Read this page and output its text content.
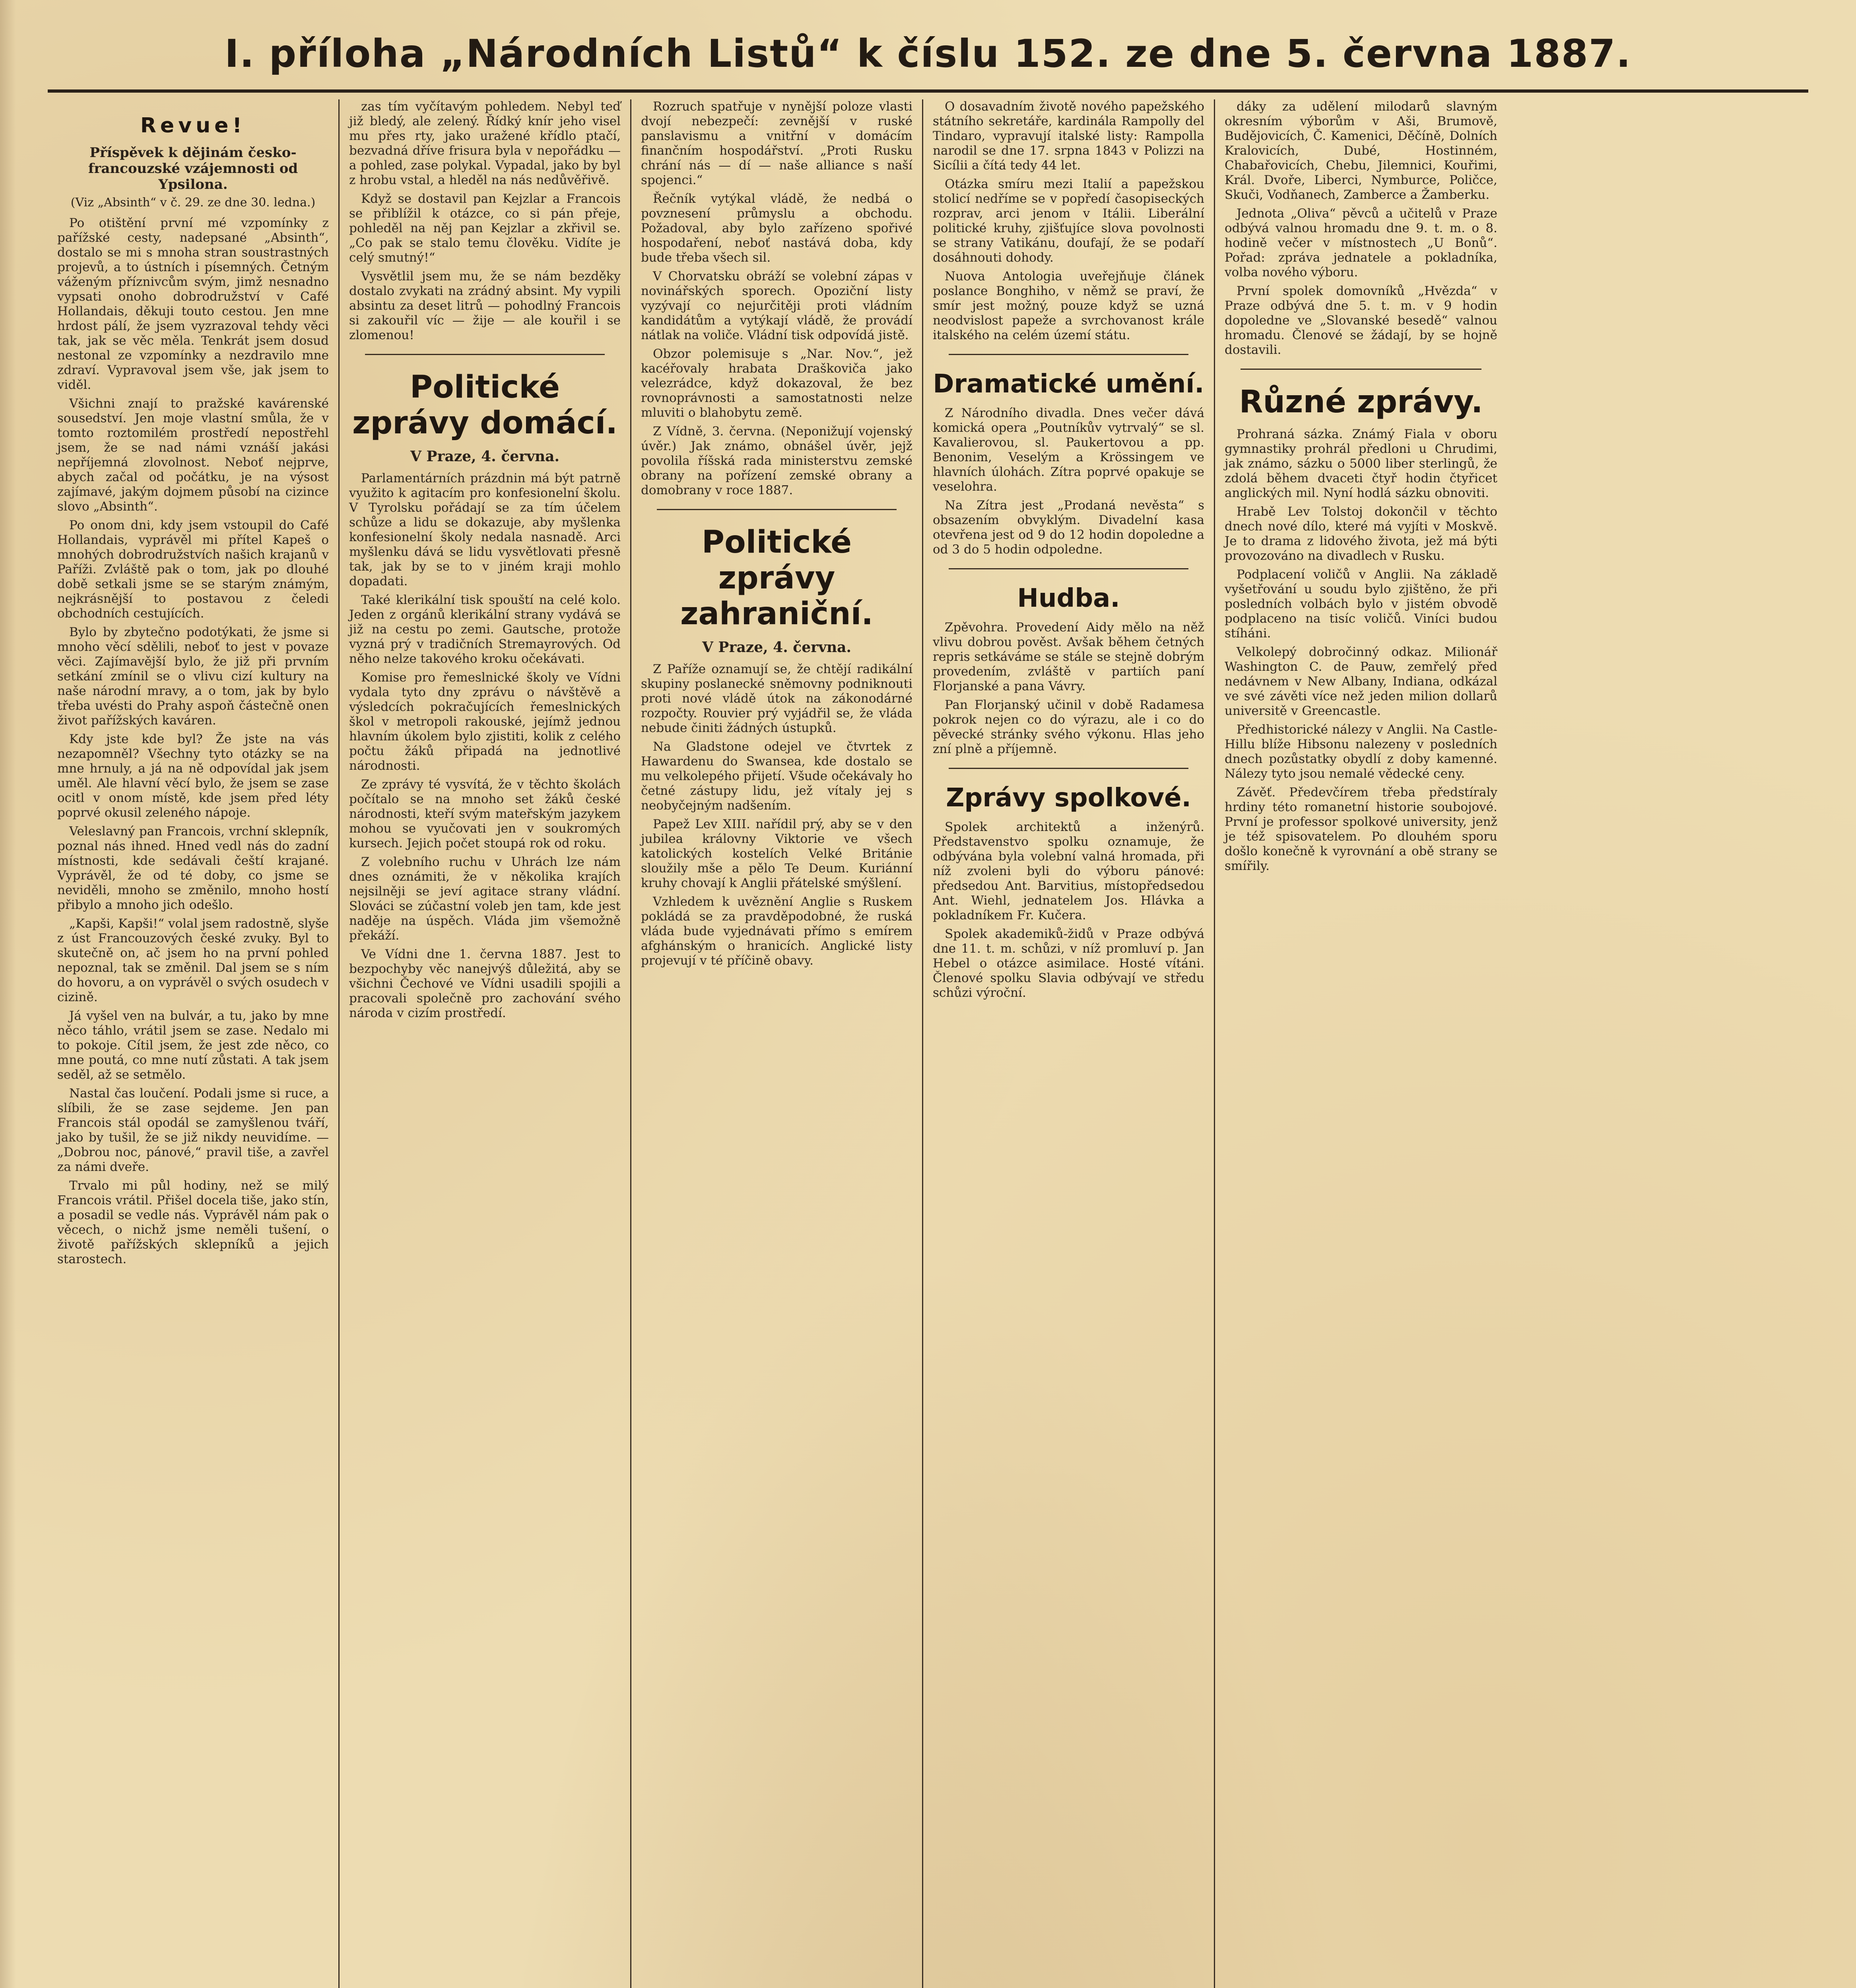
I. příloha „Národních Listů“ k číslu 152. ze dne 5. června 1887.
Revue!
Příspěvek k dějinám česko-francouzské vzájemnosti od Ypsilona.
(Viz „Absinth“ v č. 29. ze dne 30. ledna.)
Po otištění první mé vzpomínky z pařížské cesty, nadepsané „Absinth“, dostalo se mi s mnoha stran soustrastných projevů, a to ústních i písemných. Četným váženým příznivcům svým, jimž nesnadno vypsati onoho dobrodružství v Café Hollandais, děkuji touto cestou. Jen mne hrdost pálí, že jsem vyzrazoval tehdy věci tak, jak se věc měla. Tenkrát jsem dosud nestonal ze vzpomínky a nezdravilo mne zdraví. Vypravoval jsem vše, jak jsem to viděl.
Všichni znají to pražské kavárenské sousedství. Jen moje vlastní smůla, že v tomto roztomilém prostředí nepostřehl jsem, že se nad námi vznáší jakási nepříjemná zlovolnost. Neboť nejprve, abych začal od počátku, je na výsost zajímavé, jakým dojmem působí na cizince slovo „Absinth“.
Po onom dni, kdy jsem vstoupil do Café Hollandais, vyprávěl mi přítel Kapeš o mnohých dobrodružstvích našich krajanů v Paříži. Zvláště pak o tom, jak po dlouhé době setkali jsme se se starým známým, nejkrásnější to postavou z čeledi obchodních cestujících.
Bylo by zbytečno podotýkati, že jsme si mnoho věcí sdělili, neboť to jest v povaze věci. Zajímavější bylo, že již při prvním setkání zmínil se o vlivu cizí kultury na naše národní mravy, a o tom, jak by bylo třeba uvésti do Prahy aspoň částečně onen život pařížských kaváren.
Kdy jste kde byl? Že jste na vás nezapomněl? Všechny tyto otázky se na mne hrnuly, a já na ně odpovídal jak jsem uměl. Ale hlavní věcí bylo, že jsem se zase ocitl v onom místě, kde jsem před léty poprvé okusil zeleného nápoje.
Veleslavný pan Francois, vrchní sklepník, poznal nás ihned. Hned vedl nás do zadní místnosti, kde sedávali čeští krajané. Vyprávěl, že od té doby, co jsme se neviděli, mnoho se změnilo, mnoho hostí přibylo a mnoho jich odešlo.
„Kapši, Kapši!“ volal jsem radostně, slyše z úst Francouzových české zvuky. Byl to skutečně on, ač jsem ho na první pohled nepoznal, tak se změnil. Dal jsem se s ním do hovoru, a on vyprávěl o svých osudech v cizině.
Já vyšel ven na bulvár, a tu, jako by mne něco táhlo, vrátil jsem se zase. Nedalo mi to pokoje. Cítil jsem, že jest zde něco, co mne poutá, co mne nutí zůstati. A tak jsem seděl, až se setmělo.
Nastal čas loučení. Podali jsme si ruce, a slíbili, že se zase sejdeme. Jen pan Francois stál opodál se zamyšlenou tváří, jako by tušil, že se již nikdy neuvidíme. — „Dobrou noc, pánové,“ pravil tiše, a zavřel za námi dveře.
Trvalo mi půl hodiny, než se milý Francois vrátil. Přišel docela tiše, jako stín, a posadil se vedle nás. Vyprávěl nám pak o věcech, o nichž jsme neměli tušení, o životě pařížských sklepníků a jejich starostech.
zas tím vyčítavým pohledem. Nebyl teď již bledý, ale zelený. Řídký knír jeho visel mu přes rty, jako uražené křídlo ptačí, bezvadná dříve frisura byla v nepořádku — a pohled, zase polykal. Vypadal, jako by byl z hrobu vstal, a hleděl na nás nedůvěřivě.
Když se dostavil pan Kejzlar a Francois se přiblížil k otázce, co si pán přeje, pohleděl na něj pan Kejzlar a zkřivil se. „Co pak se stalo temu člověku. Vidíte je celý smutný!“
Vysvětlil jsem mu, že se nám bezděky dostalo zvykati na zrádný absint. My vypili absintu za deset litrů — pohodlný Francois si zakouřil víc — žije — ale kouřil i se zlomenou!
Politické zprávy domácí.
V Praze, 4. června.
Parlamentárních prázdnin má být patrně využito k agitacím pro konfesionelní školu. V Tyrolsku pořádají se za tím účelem schůze a lidu se dokazuje, aby myšlenka konfesionelní školy nedala nasnadě. Arci myšlenku dává se lidu vysvětlovati přesně tak, jak by se to v jiném kraji mohlo dopadati.
Také klerikální tisk spouští na celé kolo. Jeden z orgánů klerikální strany vydává se již na cestu po zemi. Gautsche, protože vyzná prý v tradičních Stremayrových. Od něho nelze takového kroku očekávati.
Komise pro řemeslnické školy ve Vídni vydala tyto dny zprávu o návštěvě a výsledcích pokračujících řemeslnických škol v metropoli rakouské, jejímž jednou hlavním úkolem bylo zjistiti, kolik z celého počtu žáků připadá na jednotlivé národnosti.
Ze zprávy té vysvítá, že v těchto školách počítalo se na mnoho set žáků české národnosti, kteří svým mateřským jazykem mohou se vyučovati jen v soukromých kursech. Jejich počet stoupá rok od roku.
Z volebního ruchu v Uhrách lze nám dnes oznámiti, že v několika krajích nejsilněji se jeví agitace strany vládní. Slováci se zúčastní voleb jen tam, kde jest naděje na úspěch. Vláda jim všemožně překáží.
Ve Vídni dne 1. června 1887. Jest to bezpochyby věc nanejvýš důležitá, aby se všichni Čechové ve Vídni usadili spojili a pracovali společně pro zachování svého národa v cizím prostředí.
Rozruch spatřuje v nynější poloze vlasti dvojí nebezpečí: zevnější v ruské panslavismu a vnitřní v domácím finančním hospodářství. „Proti Rusku chrání nás — dí — naše alliance s naší spojenci.“
Řečník vytýkal vládě, že nedbá o povznesení průmyslu a obchodu. Požadoval, aby bylo zařízeno spořivé hospodaření, neboť nastává doba, kdy bude třeba všech sil.
V Chorvatsku obráží se volební zápas v novinářských sporech. Opoziční listy vyzývají co nejurčitěji proti vládním kandidátům a vytýkají vládě, že provádí nátlak na voliče. Vládní tisk odpovídá jistě.
Obzor polemisuje s „Nar. Nov.“, jež kacéřovaly hrabata Draškoviča jako velezrádce, když dokazoval, že bez rovnoprávnosti a samostatnosti nelze mluviti o blahobytu země.
Z Vídně, 3. června. (Neponižují vojenský úvěr.) Jak známo, obnášel úvěr, jejž povolila říšská rada ministerstvu zemské obrany na pořízení zemské obrany a domobrany v roce 1887.
Politické zprávy zahraniční.
V Praze, 4. června.
Z Paříže oznamují se, že chtějí radikální skupiny poslanecké sněmovny podniknouti proti nové vládě útok na zákonodárné rozpočty. Rouvier prý vyjádřil se, že vláda nebude činiti žádných ústupků.
Na Gladstone odejel ve čtvrtek z Hawardenu do Swansea, kde dostalo se mu velkolepého přijetí. Všude očekávaly ho četné zástupy lidu, jež vítaly jej s neobyčejným nadšením.
Papež Lev XIII. nařídil prý, aby se v den jubilea královny Viktorie ve všech katolických kostelích Velké Británie sloužily mše a pělo Te Deum. Kuriánní kruhy chovají k Anglii přátelské smýšlení.
Vzhledem k uvěznění Anglie s Ruskem pokládá se za pravděpodobné, že ruská vláda bude vyjednávati přímo s emírem afghánským o hranicích. Anglické listy projevují v té příčině obavy.
O dosavadním životě nového papežského státního sekretáře, kardinála Rampolly del Tindaro, vypravují italské listy: Rampolla narodil se dne 17. srpna 1843 v Polizzi na Sicílii a čítá tedy 44 let.
Otázka smíru mezi Italií a papežskou stolicí nedříme se v popředí časopiseckých rozprav, arci jenom v Itálii. Liberální politické kruhy, zjišťujíce slova povolnosti se strany Vatikánu, doufají, že se podaří dosáhnouti dohody.
Nuova Antologia uveřejňuje článek poslance Bonghiho, v němž se praví, že smír jest možný, pouze když se uzná neodvislost papeže a svrchovanost krále italského na celém území státu.
Dramatické umění.
Z Národního divadla. Dnes večer dává komická opera „Poutníkův vytrvalý“ se sl. Kavalierovou, sl. Paukertovou a pp. Benonim, Veselým a Krössingem ve hlavních úlohách. Zítra poprvé opakuje se veselohra.
Na Zítra jest „Prodaná nevěsta“ s obsazením obvyklým. Divadelní kasa otevřena jest od 9 do 12 hodin dopoledne a od 3 do 5 hodin odpoledne.
Hudba.
Zpěvohra. Provedení Aidy mělo na něž vlivu dobrou pověst. Avšak během četných repris setkáváme se stále se stejně dobrým provedením, zvláště v partiích paní Florjanské a pana Vávry.
Pan Florjanský učinil v době Radamesa pokrok nejen co do výrazu, ale i co do pěvecké stránky svého výkonu. Hlas jeho zní plně a příjemně.
Zprávy spolkové.
Spolek architektů a inženýrů. Představenstvo spolku oznamuje, že odbývána byla volební valná hromada, při níž zvoleni byli do výboru pánové: předsedou Ant. Barvitius, místopředsedou Ant. Wiehl, jednatelem Jos. Hlávka a pokladníkem Fr. Kučera.
Spolek akademiků-židů v Praze odbývá dne 11. t. m. schůzi, v níž promluví p. Jan Hebel o otázce asimilace. Hosté vítáni. Členové spolku Slavia odbývají ve středu schůzi výroční.
dáky za udělení milodarů slavným okresním výborům v Aši, Brumově, Budějovicích, Č. Kamenici, Děčíně, Dolních Kralovicích, Dubé, Hostinném, Chabařovicích, Chebu, Jilemnici, Kouřimi, Král. Dvoře, Liberci, Nymburce, Poličce, Skuči, Vodňanech, Zamberce a Žamberku.
Jednota „Oliva“ pěvců a učitelů v Praze odbývá valnou hromadu dne 9. t. m. o 8. hodině večer v místnostech „U Bonů“. Pořad: zpráva jednatele a pokladníka, volba nového výboru.
První spolek domovníků „Hvězda“ v Praze odbývá dne 5. t. m. v 9 hodin dopoledne ve „Slovanské besedě“ valnou hromadu. Členové se žádají, by se hojně dostavili.
Různé zprávy.
Prohraná sázka. Známý Fiala v oboru gymnastiky prohrál předloni u Chrudimi, jak známo, sázku o 5000 liber sterlingů, že zdolá během dvaceti čtyř hodin čtyřicet anglických mil. Nyní hodlá sázku obnoviti.
Hrabě Lev Tolstoj dokončil v těchto dnech nové dílo, které má vyjíti v Moskvě. Je to drama z lidového života, jež má býti provozováno na divadlech v Rusku.
Podplacení voličů v Anglii. Na základě vyšetřování u soudu bylo zjištěno, že při posledních volbách bylo v jistém obvodě podplaceno na tisíc voličů. Viníci budou stíháni.
Velkolepý dobročinný odkaz. Milionář Washington C. de Pauw, zemřelý před nedávnem v New Albany, Indiana, odkázal ve své závěti více než jeden milion dollarů universitě v Greencastle.
Předhistorické nálezy v Anglii. Na Castle-Hillu blíže Hibsonu nalezeny v posledních dnech pozůstatky obydlí z doby kamenné. Nálezy tyto jsou nemalé vědecké ceny.
Závěť. Předevčírem třeba předstíraly hrdiny této romanetní historie soubojové. První je professor spolkové university, jenž je též spisovatelem. Po dlouhém sporu došlo konečně k vyrovnání a obě strany se smířily.
